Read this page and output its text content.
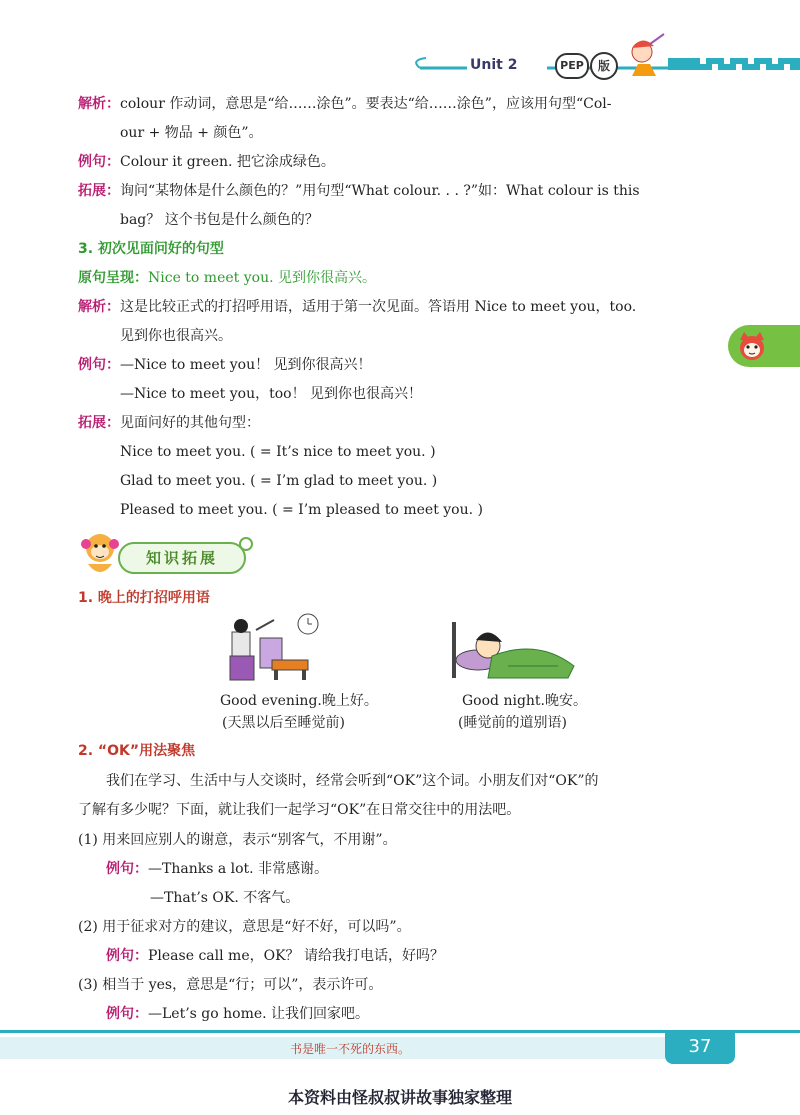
Unit 2	PEP	版
解析：colour 作动词，意思是“给……涂色”。要表达“给……涂色”，应该用句型“Col-
our + 物品 + 颜色”。
例句：Colour it green. 把它涂成绿色。
拓展：询问“某物体是什么颜色的？”用句型“What colour. . . ?”如：What colour is this
bag？ 这个书包是什么颜色的？
3. 初次见面问好的句型
原句呈现：Nice to meet you. 见到你很高兴。
解析：这是比较正式的打招呼用语，适用于第一次见面。答语用 Nice to meet you，too.
见到你也很高兴。
例句：—Nice to meet you！ 见到你很高兴！
—Nice to meet you，too！ 见到你也很高兴！
拓展：见面问好的其他句型：
Nice to meet you. ( = It’s nice to meet you. )
Glad to meet you. ( = I’m glad to meet you. )
Pleased to meet you. ( = I’m pleased to meet you. )
知识拓展
1. 晚上的打招呼用语
Good evening.晚上好。
(天黑以后至睡觉前)
Good night.晚安。
(睡觉前的道别语)
2. “OK”用法聚焦
我们在学习、生活中与人交谈时，经常会听到“OK”这个词。小朋友们对“OK”的
了解有多少呢？下面，就让我们一起学习“OK”在日常交往中的用法吧。
(1) 用来回应别人的谢意，表示“别客气，不用谢”。
例句：—Thanks a lot. 非常感谢。
—That’s OK. 不客气。
(2) 用于征求对方的建议，意思是“好不好，可以吗”。
例句：Please call me，OK？ 请给我打电话，好吗？
(3) 相当于 yes，意思是“行；可以”，表示许可。
例句：—Let’s go home. 让我们回家吧。
书是唯一不死的东西。	37
本资料由怪叔叔讲故事独家整理
